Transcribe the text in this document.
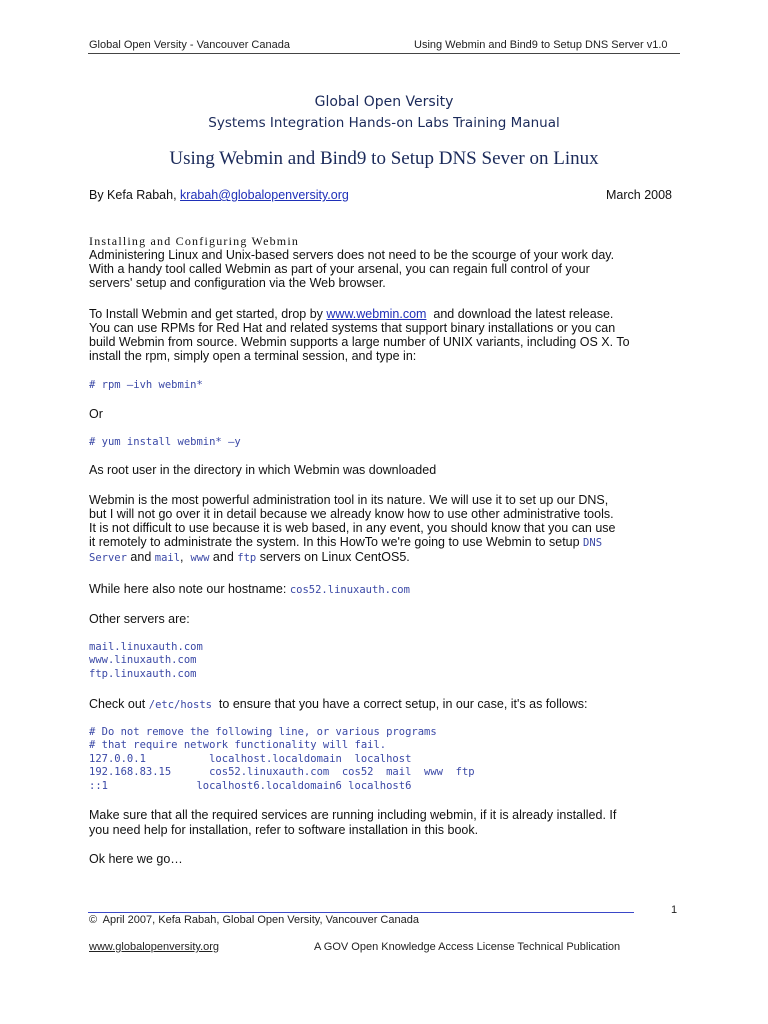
Global Open Versity - Vancouver Canada	Using Webmin and Bind9 to Setup DNS Server v1.0
Global Open Versity
Systems Integration Hands-on Labs Training Manual
Using Webmin and Bind9 to Setup DNS Sever on Linux
By Kefa Rabah, krabah@globalopenversity.org	March 2008
Installing and Configuring Webmin
Administering Linux and Unix-based servers does not need to be the scourge of your work day.
With a handy tool called Webmin as part of your arsenal, you can regain full control of your
servers' setup and configuration via the Web browser.
To Install Webmin and get started, drop by www.webmin.com  and download the latest release.
You can use RPMs for Red Hat and related systems that support binary installations or you can
build Webmin from source. Webmin supports a large number of UNIX variants, including OS X. To
install the rpm, simply open a terminal session, and type in:
# rpm –ivh webmin*
Or
# yum install webmin* –y
As root user in the directory in which Webmin was downloaded
Webmin is the most powerful administration tool in its nature. We will use it to set up our DNS,
but I will not go over it in detail because we already know how to use other administrative tools.
It is not difficult to use because it is web based, in any event, you should know that you can use
it remotely to administrate the system. In this HowTo we're going to use Webmin to setup DNS
Server and mail,  www and ftp servers on Linux CentOS5.
While here also note our hostname: cos52.linuxauth.com
Other servers are:
mail.linuxauth.com
www.linuxauth.com
ftp.linuxauth.com
Check out /etc/hosts  to ensure that you have a correct setup, in our case, it's as follows:
# Do not remove the following line, or various programs
# that require network functionality will fail.
127.0.0.1          localhost.localdomain  localhost
192.168.83.15      cos52.linuxauth.com  cos52  mail  www  ftp
::1              localhost6.localdomain6 localhost6
Make sure that all the required services are running including webmin, if it is already installed. If
you need help for installation, refer to software installation in this book.
Ok here we go…
1
©  April 2007, Kefa Rabah, Global Open Versity, Vancouver Canada
www.globalopenversity.org	A GOV Open Knowledge Access License Technical Publication
